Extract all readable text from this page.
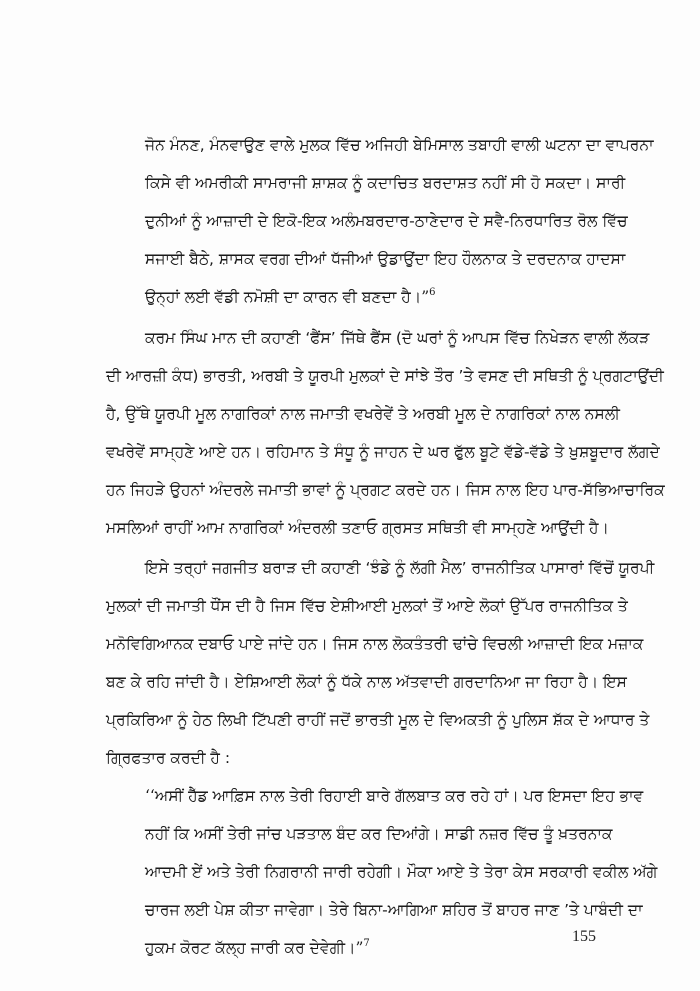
ਜੋਨ ਮੰਨਣ, ਮੰਨਵਾਉਣ ਵਾਲੇ ਮੁਲਕ ਵਿੱਚ ਅਜਿਹੀ ਬੇਮਿਸਾਲ ਤਬਾਹੀ ਵਾਲੀ ਘਟਨਾ ਦਾ ਵਾਪਰਨਾ
ਕਿਸੇ ਵੀ ਅਮਰੀਕੀ ਸਾਮਰਾਜੀ ਸ਼ਾਸ਼ਕ ਨੂੰ ਕਦਾਚਿਤ ਬਰਦਾਸ਼ਤ ਨਹੀਂ ਸੀ ਹੋ ਸਕਦਾ। ਸਾਰੀ
ਦੁਨੀਆਂ ਨੂੰ ਆਜ਼ਾਦੀ ਦੇ ਇਕੋ-ਇਕ ਅਲੰਮਬਰਦਾਰ-ਠਾਣੇਦਾਰ ਦੇ ਸਵੈ-ਨਿਰਧਾਰਿਤ ਰੋਲ ਵਿੱਚ
ਸਜਾਈ ਬੈਠੇ, ਸ਼ਾਸਕ ਵਰਗ ਦੀਆਂ ਧੱਜੀਆਂ ਉਡਾਉਂਦਾ ਇਹ ਹੌਲਨਾਕ ਤੇ ਦਰਦਨਾਕ ਹਾਦਸਾ
ਉਨ੍ਹਾਂ ਲਈ ਵੱਡੀ ਨਮੋਸ਼ੀ ਦਾ ਕਾਰਨ ਵੀ ਬਣਦਾ ਹੈ।”$^6$
ਕਰਮ ਸਿੰਘ ਮਾਨ ਦੀ ਕਹਾਣੀ ‘ਫੈਂਸ’ ਜਿੱਥੇ ਫੈਂਸ (ਦੋ ਘਰਾਂ ਨੂੰ ਆਪਸ ਵਿੱਚ ਨਿਖੇੜਨ ਵਾਲੀ ਲੱਕੜ
ਦੀ ਆਰਜ਼ੀ ਕੰਧ) ਭਾਰਤੀ, ਅਰਬੀ ਤੇ ਯੂਰਪੀ ਮੁਲਕਾਂ ਦੇ ਸਾਂਝੇ ਤੌਰ ’ਤੇ ਵਸਣ ਦੀ ਸਥਿਤੀ ਨੂੰ ਪ੍ਰਗਟਾਉਂਦੀ
ਹੈ, ਉੱਥੇ ਯੂਰਪੀ ਮੂਲ ਨਾਗਰਿਕਾਂ ਨਾਲ ਜਮਾਤੀ ਵਖਰੇਵੇਂ ਤੇ ਅਰਬੀ ਮੂਲ ਦੇ ਨਾਗਰਿਕਾਂ ਨਾਲ ਨਸਲੀ
ਵਖਰੇਵੇਂ ਸਾਮ੍ਹਣੇ ਆਏ ਹਨ। ਰਹਿਮਾਨ ਤੇ ਸੰਧੂ ਨੂੰ ਜਾਹਨ ਦੇ ਘਰ ਫੁੱਲ ਬੂਟੇ ਵੱਡੇ-ਵੱਡੇ ਤੇ ਖ਼ੁਸ਼ਬੂਦਾਰ ਲੱਗਦੇ
ਹਨ ਜਿਹੜੇ ਉਹਨਾਂ ਅੰਦਰਲੇ ਜਮਾਤੀ ਭਾਵਾਂ ਨੂੰ ਪ੍ਰਗਟ ਕਰਦੇ ਹਨ। ਜਿਸ ਨਾਲ ਇਹ ਪਾਰ-ਸੱਭਿਆਚਾਰਿਕ
ਮਸਲਿਆਂ ਰਾਹੀਂ ਆਮ ਨਾਗਰਿਕਾਂ ਅੰਦਰਲੀ ਤਣਾਓ ਗ੍ਰਸਤ ਸਥਿਤੀ ਵੀ ਸਾਮ੍ਹਣੇ ਆਉਂਦੀ ਹੈ।
ਇਸੇ ਤਰ੍ਹਾਂ ਜਗਜੀਤ ਬਰਾੜ ਦੀ ਕਹਾਣੀ ‘ਝੰਡੇ ਨੂੰ ਲੱਗੀ ਮੈਲ’ ਰਾਜਨੀਤਿਕ ਪਾਸਾਰਾਂ ਵਿੱਚੋਂ ਯੂਰਪੀ
ਮੁਲਕਾਂ ਦੀ ਜਮਾਤੀ ਧੌਂਸ ਦੀ ਹੈ ਜਿਸ ਵਿੱਚ ਏਸ਼ੀਆਈ ਮੁਲਕਾਂ ਤੋਂ ਆਏ ਲੋਕਾਂ ਉੱਪਰ ਰਾਜਨੀਤਿਕ ਤੇ
ਮਨੋਵਿਗਿਆਨਕ ਦਬਾਓ ਪਾਏ ਜਾਂਦੇ ਹਨ। ਜਿਸ ਨਾਲ ਲੋਕਤੰਤਰੀ ਢਾਂਚੇ ਵਿਚਲੀ ਆਜ਼ਾਦੀ ਇਕ ਮਜ਼ਾਕ
ਬਣ ਕੇ ਰਹਿ ਜਾਂਦੀ ਹੈ। ਏਸ਼ਿਆਈ ਲੋਕਾਂ ਨੂੰ ਧੱਕੇ ਨਾਲ ਅੱਤਵਾਦੀ ਗਰਦਾਨਿਆ ਜਾ ਰਿਹਾ ਹੈ। ਇਸ
ਪ੍ਰਕਿਰਿਆ ਨੂੰ ਹੇਠ ਲਿਖੀ ਟਿੱਪਣੀ ਰਾਹੀਂ ਜਦੋਂ ਭਾਰਤੀ ਮੂਲ ਦੇ ਵਿਅਕਤੀ ਨੂੰ ਪੁਲਿਸ ਸ਼ੱਕ ਦੇ ਆਧਾਰ ਤੇ
ਗ੍ਰਿਫਤਾਰ ਕਰਦੀ ਹੈ :
‘‘ਅਸੀਂ ਹੈੱਡ ਆਫ਼ਿਸ ਨਾਲ ਤੇਰੀ ਰਿਹਾਈ ਬਾਰੇ ਗੱਲਬਾਤ ਕਰ ਰਹੇ ਹਾਂ। ਪਰ ਇਸਦਾ ਇਹ ਭਾਵ
ਨਹੀਂ ਕਿ ਅਸੀਂ ਤੇਰੀ ਜਾਂਚ ਪੜਤਾਲ ਬੰਦ ਕਰ ਦਿਆਂਗੇ। ਸਾਡੀ ਨਜ਼ਰ ਵਿੱਚ ਤੂੰ ਖ਼ਤਰਨਾਕ
ਆਦਮੀ ਏਂ ਅਤੇ ਤੇਰੀ ਨਿਗਰਾਨੀ ਜਾਰੀ ਰਹੇਗੀ। ਮੌਕਾ ਆਏ ਤੇ ਤੇਰਾ ਕੇਸ ਸਰਕਾਰੀ ਵਕੀਲ ਅੱਗੇ
ਚਾਰਜ ਲਈ ਪੇਸ਼ ਕੀਤਾ ਜਾਵੇਗਾ। ਤੇਰੇ ਬਿਨਾ-ਆਗਿਆ ਸ਼ਹਿਰ ਤੋਂ ਬਾਹਰ ਜਾਣ ’ਤੇ ਪਾਬੰਦੀ ਦਾ
ਹੁਕਮ ਕੋਰਟ ਕੱਲ੍ਹ ਜਾਰੀ ਕਰ ਦੇਵੇਗੀ।”$^7$	155
